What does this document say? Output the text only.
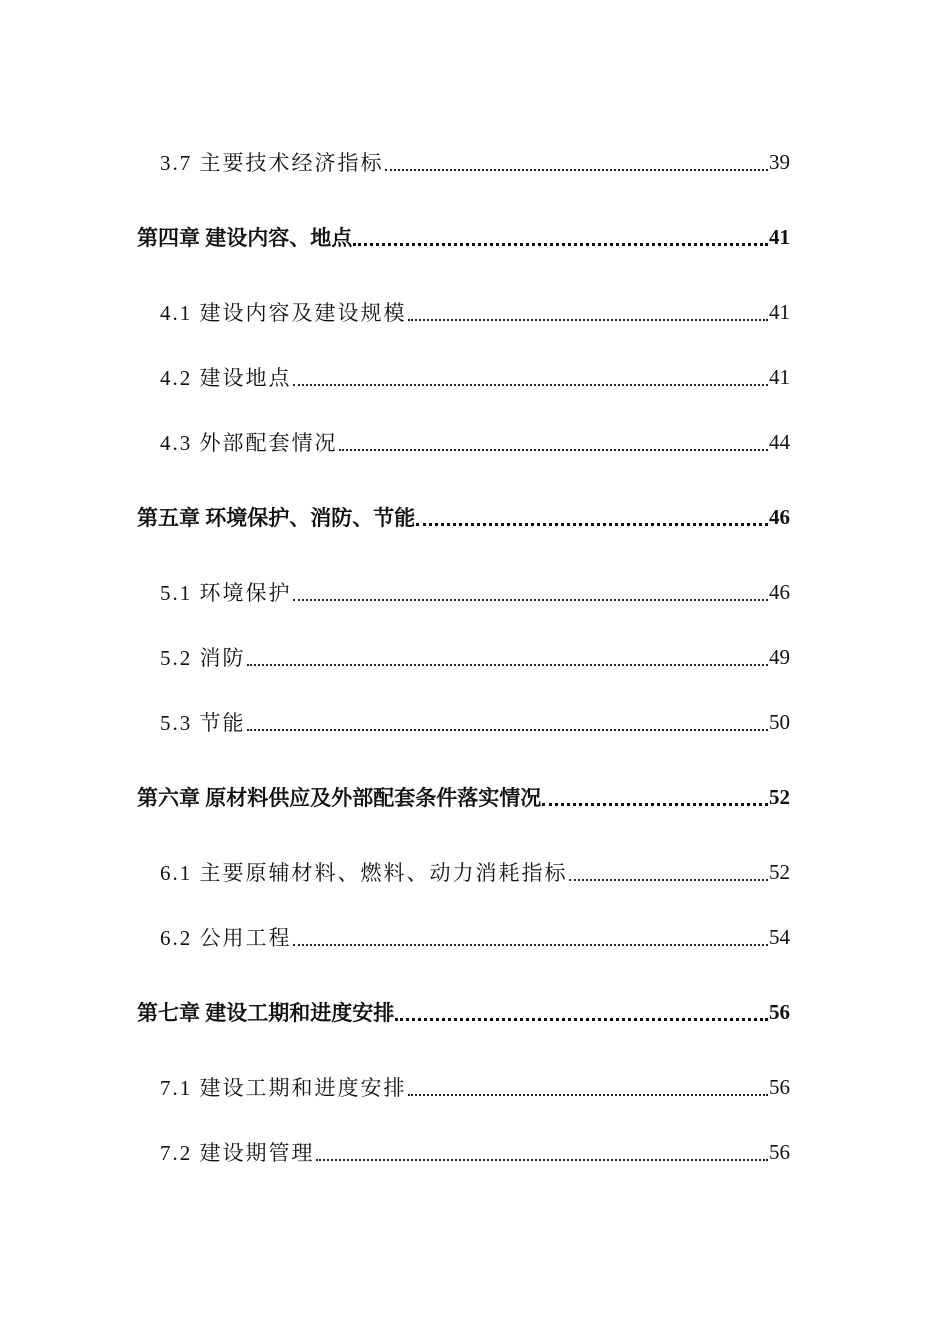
3.7 主要技术经济指标	39
第四章 建设内容、地点	41
4.1 建设内容及建设规模	41
4.2 建设地点	41
4.3 外部配套情况	44
第五章 环境保护、消防、节能	46
5.1 环境保护	46
5.2 消防	49
5.3 节能	50
第六章 原材料供应及外部配套条件落实情况	52
6.1 主要原辅材料、燃料、动力消耗指标	52
6.2 公用工程	54
第七章 建设工期和进度安排	56
7.1 建设工期和进度安排	56
7.2 建设期管理	56
